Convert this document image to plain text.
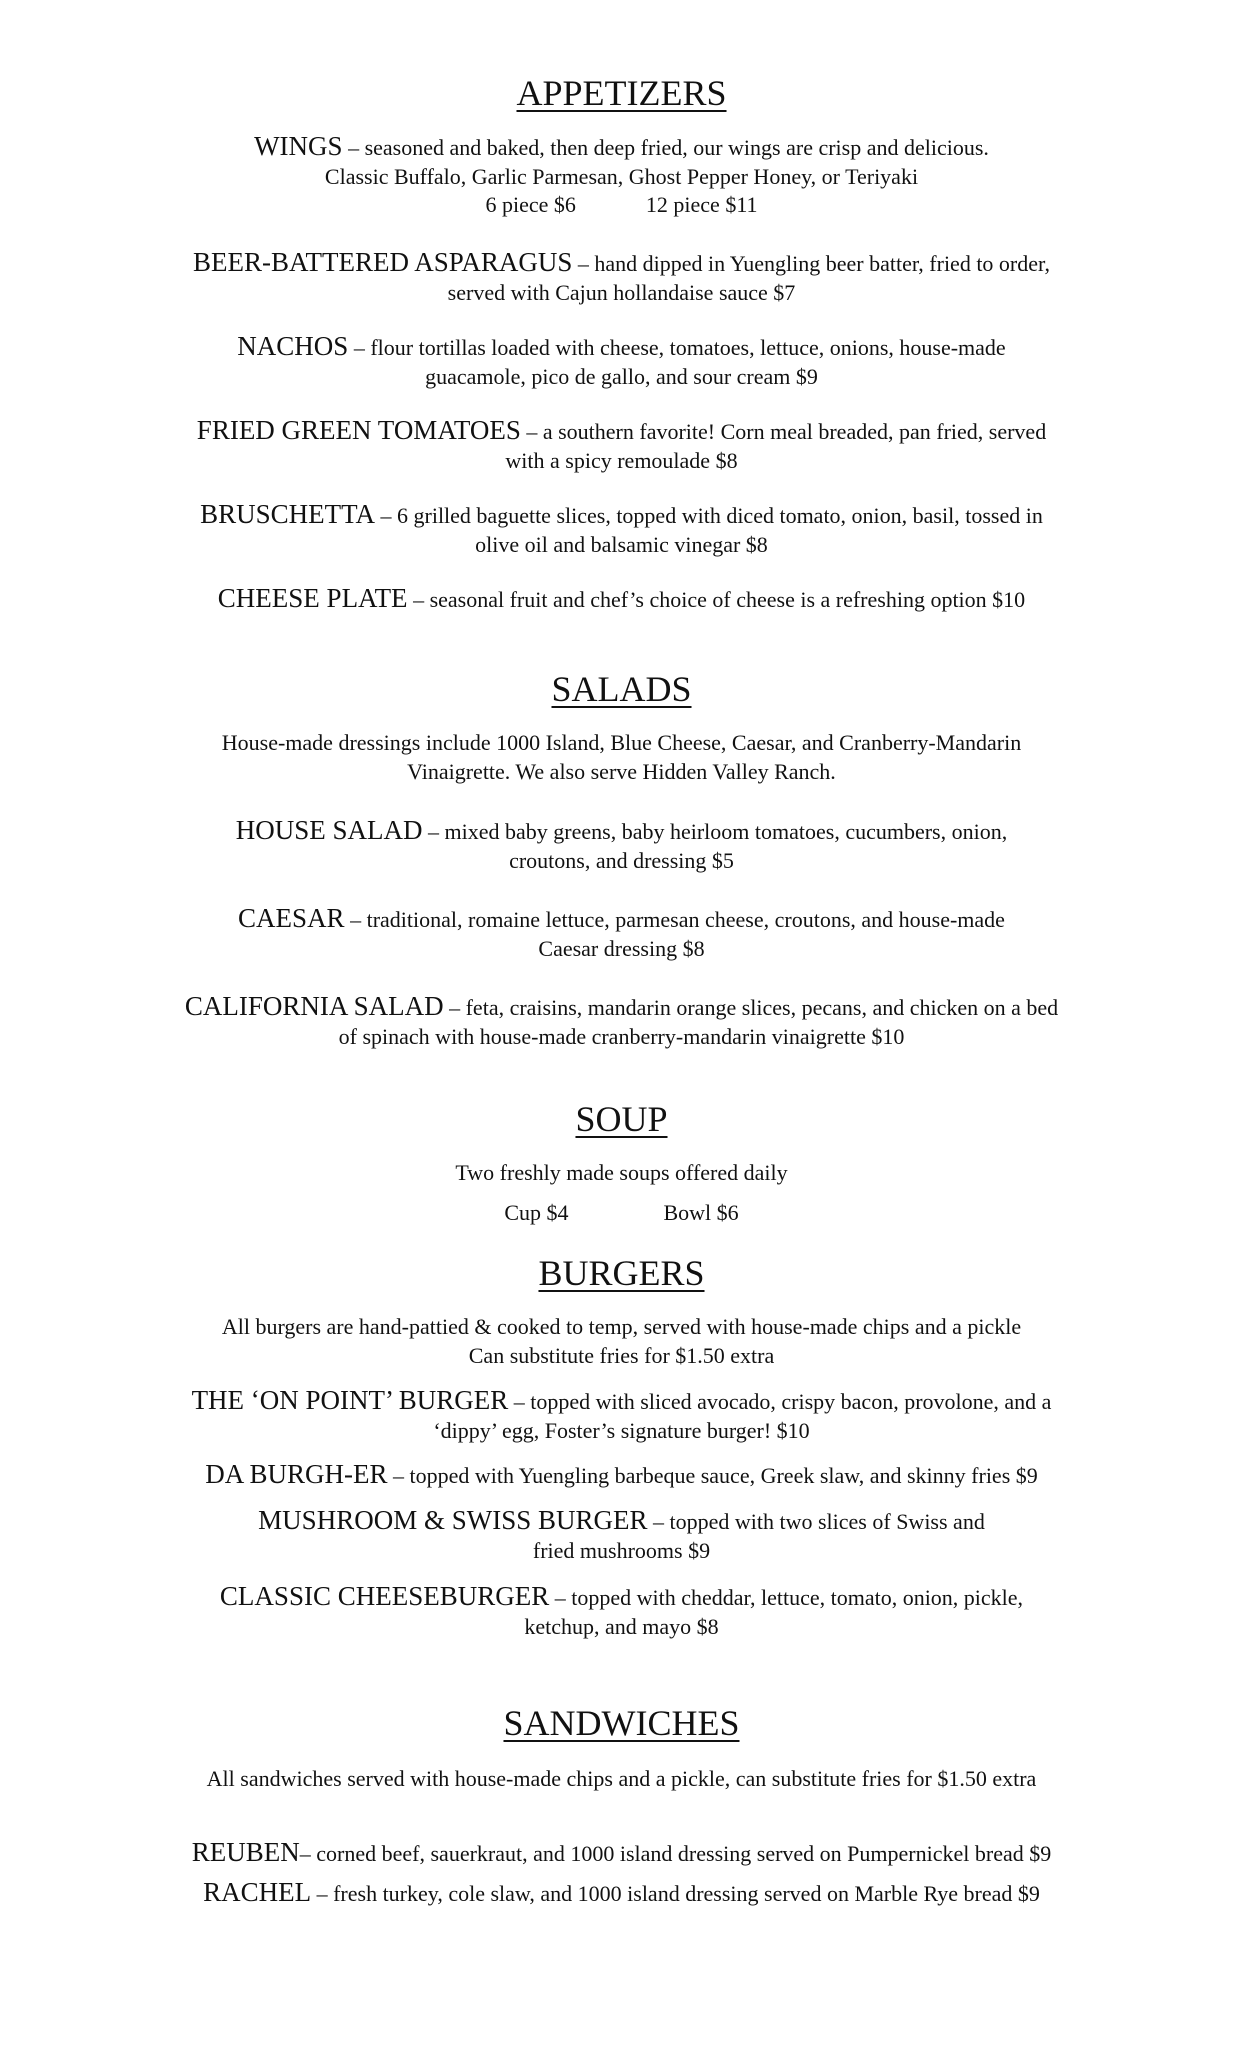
APPETIZERS
WINGS – seasoned and baked, then deep fried, our wings are crisp and delicious.
Classic Buffalo, Garlic Parmesan, Ghost Pepper Honey, or Teriyaki
6 piece $6	12 piece $11
BEER-BATTERED ASPARAGUS – hand dipped in Yuengling beer batter, fried to order,
served with Cajun hollandaise sauce $7
NACHOS – flour tortillas loaded with cheese, tomatoes, lettuce, onions, house-made
guacamole, pico de gallo, and sour cream $9
FRIED GREEN TOMATOES – a southern favorite! Corn meal breaded, pan fried, served
with a spicy remoulade $8
BRUSCHETTA – 6 grilled baguette slices, topped with diced tomato, onion, basil, tossed in
olive oil and balsamic vinegar $8
CHEESE PLATE – seasonal fruit and chef’s choice of cheese is a refreshing option $10
SALADS
House-made dressings include 1000 Island, Blue Cheese, Caesar, and Cranberry-Mandarin
Vinaigrette. We also serve Hidden Valley Ranch.
HOUSE SALAD – mixed baby greens, baby heirloom tomatoes, cucumbers, onion,
croutons, and dressing $5
CAESAR – traditional, romaine lettuce, parmesan cheese, croutons, and house-made
Caesar dressing $8
CALIFORNIA SALAD – feta, craisins, mandarin orange slices, pecans, and chicken on a bed
of spinach with house-made cranberry-mandarin vinaigrette $10
SOUP
Two freshly made soups offered daily
Cup $4	Bowl $6
BURGERS
All burgers are hand-pattied & cooked to temp, served with house-made chips and a pickle
Can substitute fries for $1.50 extra
THE ‘ON POINT’ BURGER – topped with sliced avocado, crispy bacon, provolone, and a
‘dippy’ egg, Foster’s signature burger! $10
DA BURGH-ER – topped with Yuengling barbeque sauce, Greek slaw, and skinny fries $9
MUSHROOM & SWISS BURGER – topped with two slices of Swiss and
fried mushrooms $9
CLASSIC CHEESEBURGER – topped with cheddar, lettuce, tomato, onion, pickle,
ketchup, and mayo $8
SANDWICHES
All sandwiches served with house-made chips and a pickle, can substitute fries for $1.50 extra
REUBEN– corned beef, sauerkraut, and 1000 island dressing served on Pumpernickel bread $9
RACHEL – fresh turkey, cole slaw, and 1000 island dressing served on Marble Rye bread $9
